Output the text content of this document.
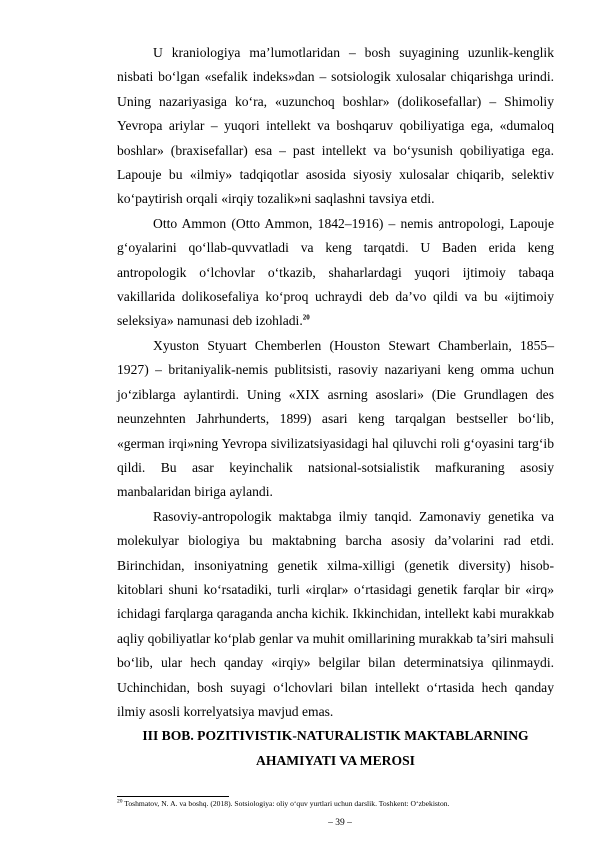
U kraniologiya ma’lumotlaridan – bosh suyagining uzunlik-kenglik nisbati bo‘lgan «sefalik indeks»dan – sotsiologik xulosalar chiqarishga urindi. Uning nazariyasiga ko‘ra, «uzunchoq boshlar» (dolikosefallar) – Shimoliy Yevropa ariylar – yuqori intellekt va boshqaruv qobiliyatiga ega, «dumaloq boshlar» (braxisefallar) esa – past intellekt va bo‘ysunish qobiliyatiga ega. Lapouje bu «ilmiy» tadqiqotlar asosida siyosiy xulosalar chiqarib, selektiv ko‘paytirish orqali «irqiy tozalik»ni saqlashni tavsiya etdi.

Otto Ammon (Otto Ammon, 1842–1916) – nemis antropologi, Lapouje g‘oyalarini qo‘llab-quvvatladi va keng tarqatdi. U Baden erida keng antropologik o‘lchovlar o‘tkazib, shaharlardagi yuqori ijtimoiy tabaqa vakillarida dolikosefaliya ko‘proq uchraydi deb da’vo qildi va bu «ijtimoiy seleksiya» namunasi deb izohladi.$^{20}$

Xyuston Styuart Chemberlen (Houston Stewart Chamberlain, 1855–1927) – britaniyalik-nemis publitsisti, rasoviy nazariyani keng omma uchun jo‘ziblarga aylantirdi. Uning «XIX asrning asoslari» (Die Grundlagen des neunzehnten Jahrhunderts, 1899) asari keng tarqalgan bestseller bo‘lib, «german irqi»ning Yevropa sivilizatsiyasidagi hal qiluvchi roli g‘oyasini targ‘ib qildi. Bu asar keyinchalik natsional-sotsialistik mafkuraning asosiy manbalaridan biriga aylandi.

Rasoviy-antropologik maktabga ilmiy tanqid. Zamonaviy genetika va molekulyar biologiya bu maktabning barcha asosiy da’volarini rad etdi. Birinchidan, insoniyatning genetik xilma-xilligi (genetik diversity) hisob-kitoblari shuni ko‘rsatadiki, turli «irqlar» o‘rtasidagi genetik farqlar bir «irq» ichidagi farqlarga qaraganda ancha kichik. Ikkinchidan, intellekt kabi murakkab aqliy qobiliyatlar ko‘plab genlar va muhit omillarining murakkab ta’siri mahsuli bo‘lib, ular hech qanday «irqiy» belgilar bilan determinatsiya qilinmaydi. Uchinchidan, bosh suyagi o‘lchovlari bilan intellekt o‘rtasida hech qanday ilmiy asosli korrelyatsiya mavjud emas.

III BOB. POZITIVISTIK-NATURALISTIK MAKTABLARNING
AHAMIYATI VA MEROSI
$^{20}$ Toshmatov, N. A. va boshq. (2018). Sotsiologiya: oliy o‘quv yurtlari uchun darslik. Toshkent: O‘zbekiston.
– 39 –
